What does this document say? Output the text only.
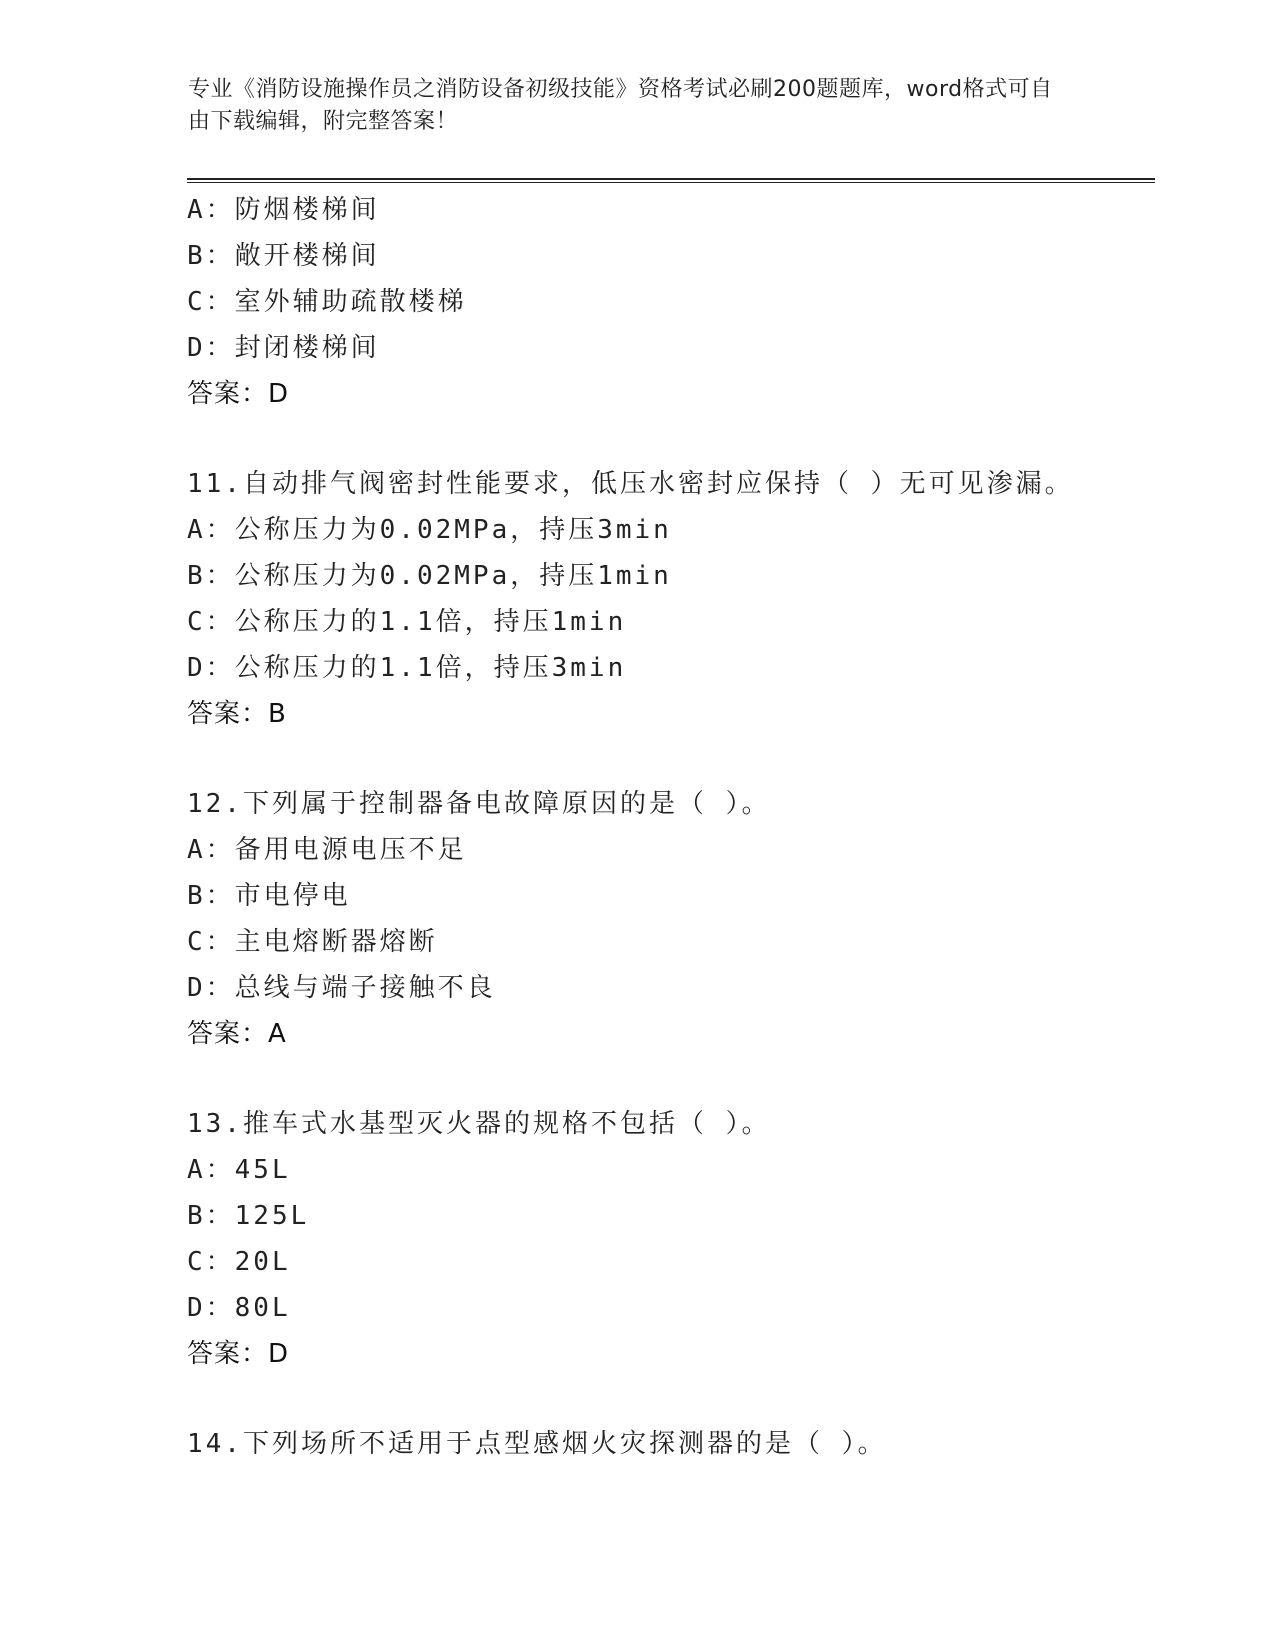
专业《消防设施操作员之消防设备初级技能》资格考试必刷200题题库，word格式可自由下载编辑，附完整答案！
A：防烟楼梯间
B：敞开楼梯间
C：室外辅助疏散楼梯
D：封闭楼梯间
答案：D
11.自动排气阀密封性能要求，低压水密封应保持（ ）无可见渗漏。
A：公称压力为0.02MPa，持压3min
B：公称压力为0.02MPa，持压1min
C：公称压力的1.1倍，持压1min
D：公称压力的1.1倍，持压3min
答案：B
12.下列属于控制器备电故障原因的是（ ）。
A：备用电源电压不足
B：市电停电
C：主电熔断器熔断
D：总线与端子接触不良
答案：A
13.推车式水基型灭火器的规格不包括（ ）。
A：45L
B：125L
C：20L
D：80L
答案：D
14.下列场所不适用于点型感烟火灾探测器的是（ ）。
